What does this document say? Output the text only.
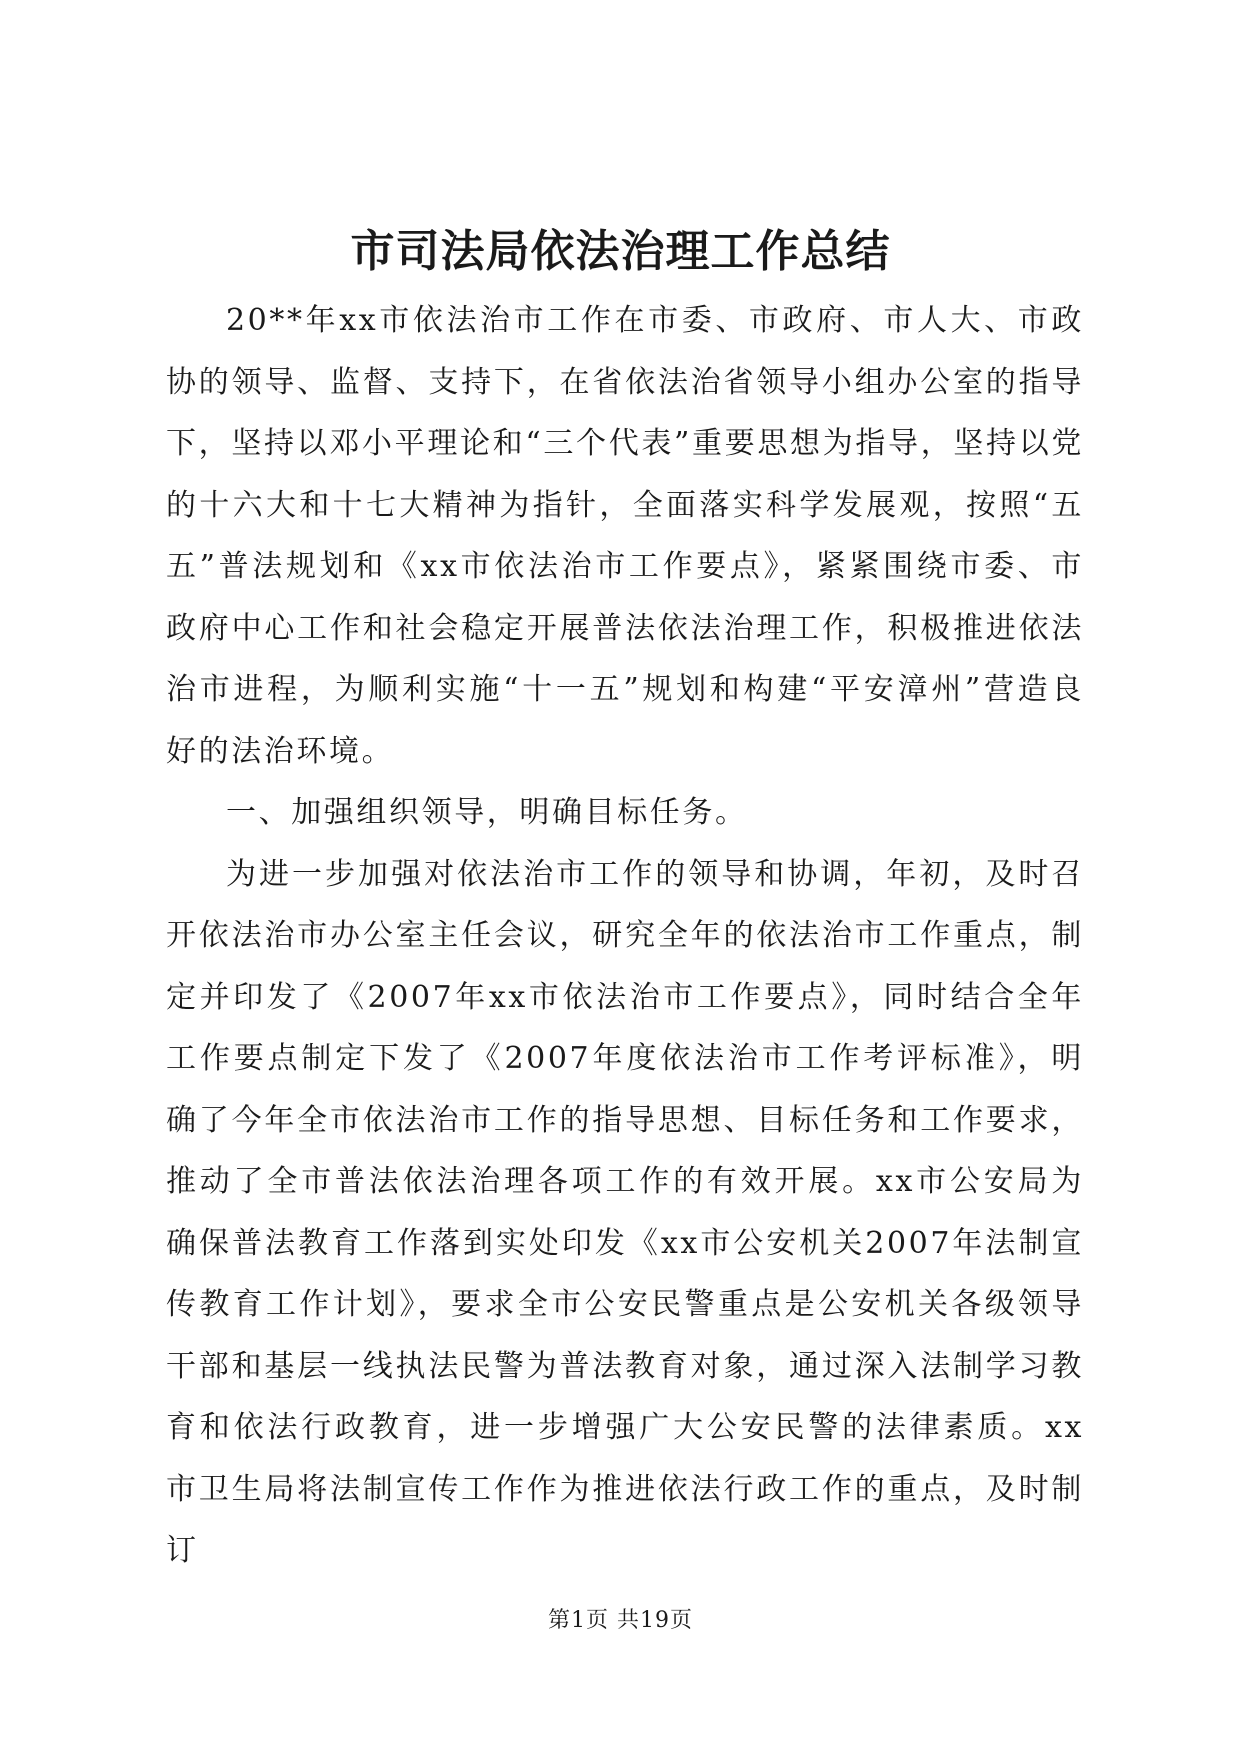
市司法局依法治理工作总结

20**年xx市依法治市工作在市委、市政府、市人大、市政协的领导、监督、支持下，在省依法治省领导小组办公室的指导下，坚持以邓小平理论和“三个代表”重要思想为指导，坚持以党的十六大和十七大精神为指针，全面落实科学发展观，按照“五五”普法规划和《xx市依法治市工作要点》，紧紧围绕市委、市政府中心工作和社会稳定开展普法依法治理工作，积极推进依法治市进程，为顺利实施“十一五”规划和构建“平安漳州”营造良好的法治环境。

一、加强组织领导，明确目标任务。

为进一步加强对依法治市工作的领导和协调，年初，及时召开依法治市办公室主任会议，研究全年的依法治市工作重点，制定并印发了《2007年xx市依法治市工作要点》，同时结合全年工作要点制定下发了《2007年度依法治市工作考评标准》，明确了今年全市依法治市工作的指导思想、目标任务和工作要求，推动了全市普法依法治理各项工作的有效开展。xx市公安局为确保普法教育工作落到实处印发《xx市公安机关2007年法制宣传教育工作计划》，要求全市公安民警重点是公安机关各级领导干部和基层一线执法民警为普法教育对象，通过深入法制学习教育和依法行政教育，进一步增强广大公安民警的法律素质。xx市卫生局将法制宣传工作作为推进依法行政工作的重点，及时制订

第1页 共19页
